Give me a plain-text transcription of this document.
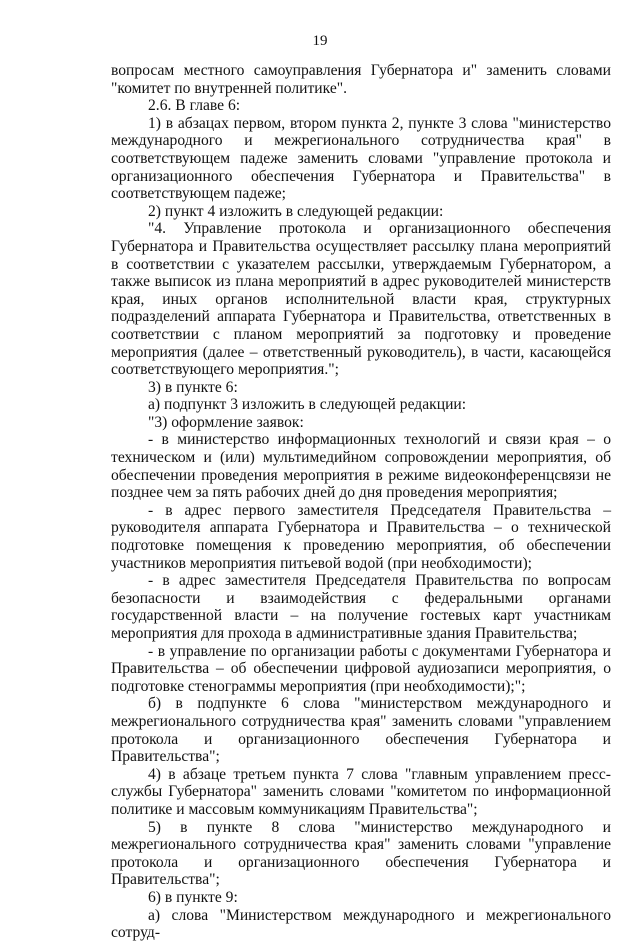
19

вопросам местного самоуправления Губернатора и" заменить словами "комитет по внутренней политике".

2.6. В главе 6:

1) в абзацах первом, втором пункта 2, пункте 3 слова "министерство международного и межрегионального сотрудничества края" в соответствующем падеже заменить словами "управление протокола и организационного обеспечения Губернатора и Правительства" в соответствующем падеже;

2) пункт 4 изложить в следующей редакции:

"4. Управление протокола и организационного обеспечения Губернатора и Правительства осуществляет рассылку плана мероприятий в соответствии с указателем рассылки, утверждаемым Губернатором, а также выписок из плана мероприятий в адрес руководителей министерств края, иных органов исполнительной власти края, структурных подразделений аппарата Губернатора и Правительства, ответственных в соответствии с планом мероприятий за подготовку и проведение мероприятия (далее – ответственный руководитель), в части, касающейся соответствующего мероприятия.";

3) в пункте 6:

а) подпункт 3 изложить в следующей редакции:

"3) оформление заявок:

- в министерство информационных технологий и связи края – о техническом и (или) мультимедийном сопровождении мероприятия, об обеспечении проведения мероприятия в режиме видеоконференцсвязи не позднее чем за пять рабочих дней до дня проведения мероприятия;

- в адрес первого заместителя Председателя Правительства – руководителя аппарата Губернатора и Правительства – о технической подготовке помещения к проведению мероприятия, об обеспечении участников мероприятия питьевой водой (при необходимости);

- в адрес заместителя Председателя Правительства по вопросам безопасности и взаимодействия с федеральными органами государственной власти – на получение гостевых карт участникам мероприятия для прохода в административные здания Правительства;

- в управление по организации работы с документами Губернатора и Правительства – об обеспечении цифровой аудиозаписи мероприятия, о подготовке стенограммы мероприятия (при необходимости);";

б) в подпункте 6 слова "министерством международного и межрегионального сотрудничества края" заменить словами "управлением протокола и организационного обеспечения Губернатора и Правительства";

4) в абзаце третьем пункта 7 слова "главным управлением пресс-службы Губернатора" заменить словами "комитетом по информационной политике и массовым коммуникациям Правительства";

5) в пункте 8 слова "министерство международного и межрегионального сотрудничества края" заменить словами "управление протокола и организационного обеспечения Губернатора и Правительства";

6) в пункте 9:

а) слова "Министерством международного и межрегионального сотруд-
